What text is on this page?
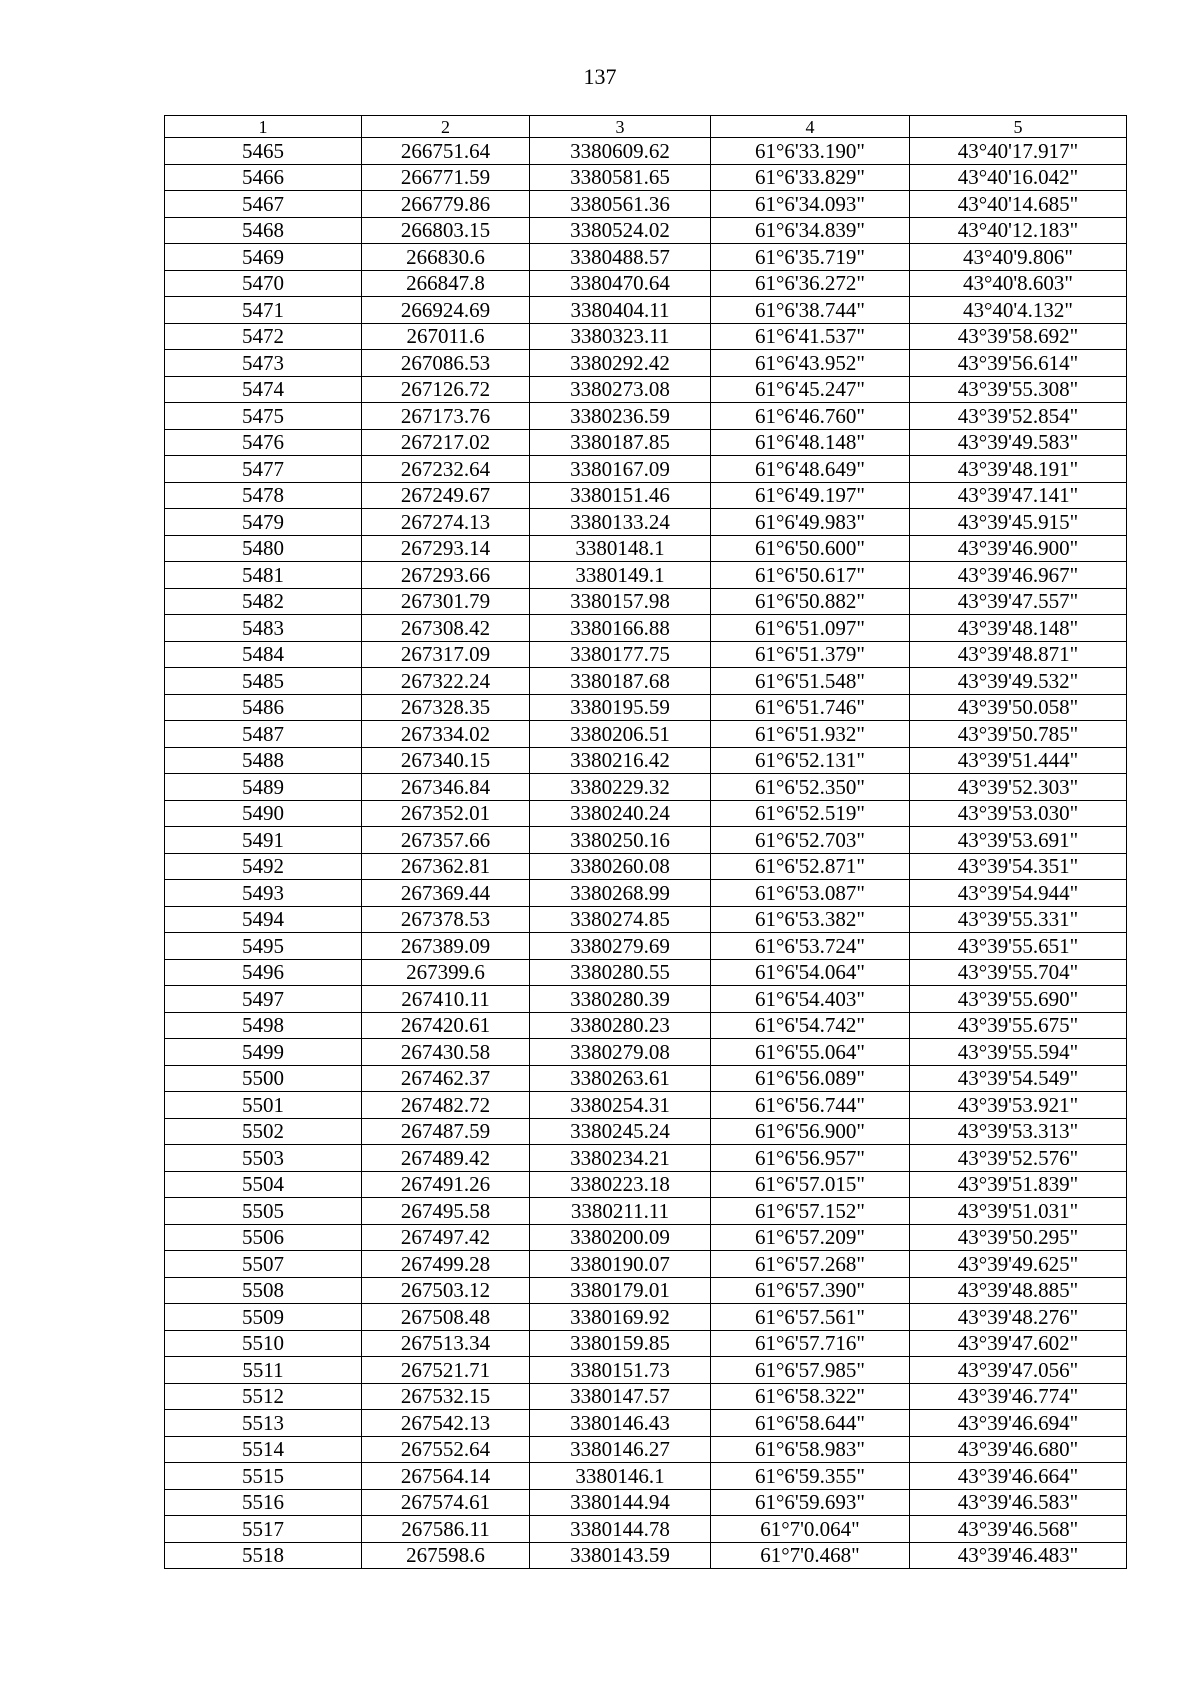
137
1	2	3	4	5
5465	266751.64	3380609.62	61°6'33.190"	43°40'17.917"
5466	266771.59	3380581.65	61°6'33.829"	43°40'16.042"
5467	266779.86	3380561.36	61°6'34.093"	43°40'14.685"
5468	266803.15	3380524.02	61°6'34.839"	43°40'12.183"
5469	266830.6	3380488.57	61°6'35.719"	43°40'9.806"
5470	266847.8	3380470.64	61°6'36.272"	43°40'8.603"
5471	266924.69	3380404.11	61°6'38.744"	43°40'4.132"
5472	267011.6	3380323.11	61°6'41.537"	43°39'58.692"
5473	267086.53	3380292.42	61°6'43.952"	43°39'56.614"
5474	267126.72	3380273.08	61°6'45.247"	43°39'55.308"
5475	267173.76	3380236.59	61°6'46.760"	43°39'52.854"
5476	267217.02	3380187.85	61°6'48.148"	43°39'49.583"
5477	267232.64	3380167.09	61°6'48.649"	43°39'48.191"
5478	267249.67	3380151.46	61°6'49.197"	43°39'47.141"
5479	267274.13	3380133.24	61°6'49.983"	43°39'45.915"
5480	267293.14	3380148.1	61°6'50.600"	43°39'46.900"
5481	267293.66	3380149.1	61°6'50.617"	43°39'46.967"
5482	267301.79	3380157.98	61°6'50.882"	43°39'47.557"
5483	267308.42	3380166.88	61°6'51.097"	43°39'48.148"
5484	267317.09	3380177.75	61°6'51.379"	43°39'48.871"
5485	267322.24	3380187.68	61°6'51.548"	43°39'49.532"
5486	267328.35	3380195.59	61°6'51.746"	43°39'50.058"
5487	267334.02	3380206.51	61°6'51.932"	43°39'50.785"
5488	267340.15	3380216.42	61°6'52.131"	43°39'51.444"
5489	267346.84	3380229.32	61°6'52.350"	43°39'52.303"
5490	267352.01	3380240.24	61°6'52.519"	43°39'53.030"
5491	267357.66	3380250.16	61°6'52.703"	43°39'53.691"
5492	267362.81	3380260.08	61°6'52.871"	43°39'54.351"
5493	267369.44	3380268.99	61°6'53.087"	43°39'54.944"
5494	267378.53	3380274.85	61°6'53.382"	43°39'55.331"
5495	267389.09	3380279.69	61°6'53.724"	43°39'55.651"
5496	267399.6	3380280.55	61°6'54.064"	43°39'55.704"
5497	267410.11	3380280.39	61°6'54.403"	43°39'55.690"
5498	267420.61	3380280.23	61°6'54.742"	43°39'55.675"
5499	267430.58	3380279.08	61°6'55.064"	43°39'55.594"
5500	267462.37	3380263.61	61°6'56.089"	43°39'54.549"
5501	267482.72	3380254.31	61°6'56.744"	43°39'53.921"
5502	267487.59	3380245.24	61°6'56.900"	43°39'53.313"
5503	267489.42	3380234.21	61°6'56.957"	43°39'52.576"
5504	267491.26	3380223.18	61°6'57.015"	43°39'51.839"
5505	267495.58	3380211.11	61°6'57.152"	43°39'51.031"
5506	267497.42	3380200.09	61°6'57.209"	43°39'50.295"
5507	267499.28	3380190.07	61°6'57.268"	43°39'49.625"
5508	267503.12	3380179.01	61°6'57.390"	43°39'48.885"
5509	267508.48	3380169.92	61°6'57.561"	43°39'48.276"
5510	267513.34	3380159.85	61°6'57.716"	43°39'47.602"
5511	267521.71	3380151.73	61°6'57.985"	43°39'47.056"
5512	267532.15	3380147.57	61°6'58.322"	43°39'46.774"
5513	267542.13	3380146.43	61°6'58.644"	43°39'46.694"
5514	267552.64	3380146.27	61°6'58.983"	43°39'46.680"
5515	267564.14	3380146.1	61°6'59.355"	43°39'46.664"
5516	267574.61	3380144.94	61°6'59.693"	43°39'46.583"
5517	267586.11	3380144.78	61°7'0.064"	43°39'46.568"
5518	267598.6	3380143.59	61°7'0.468"	43°39'46.483"
